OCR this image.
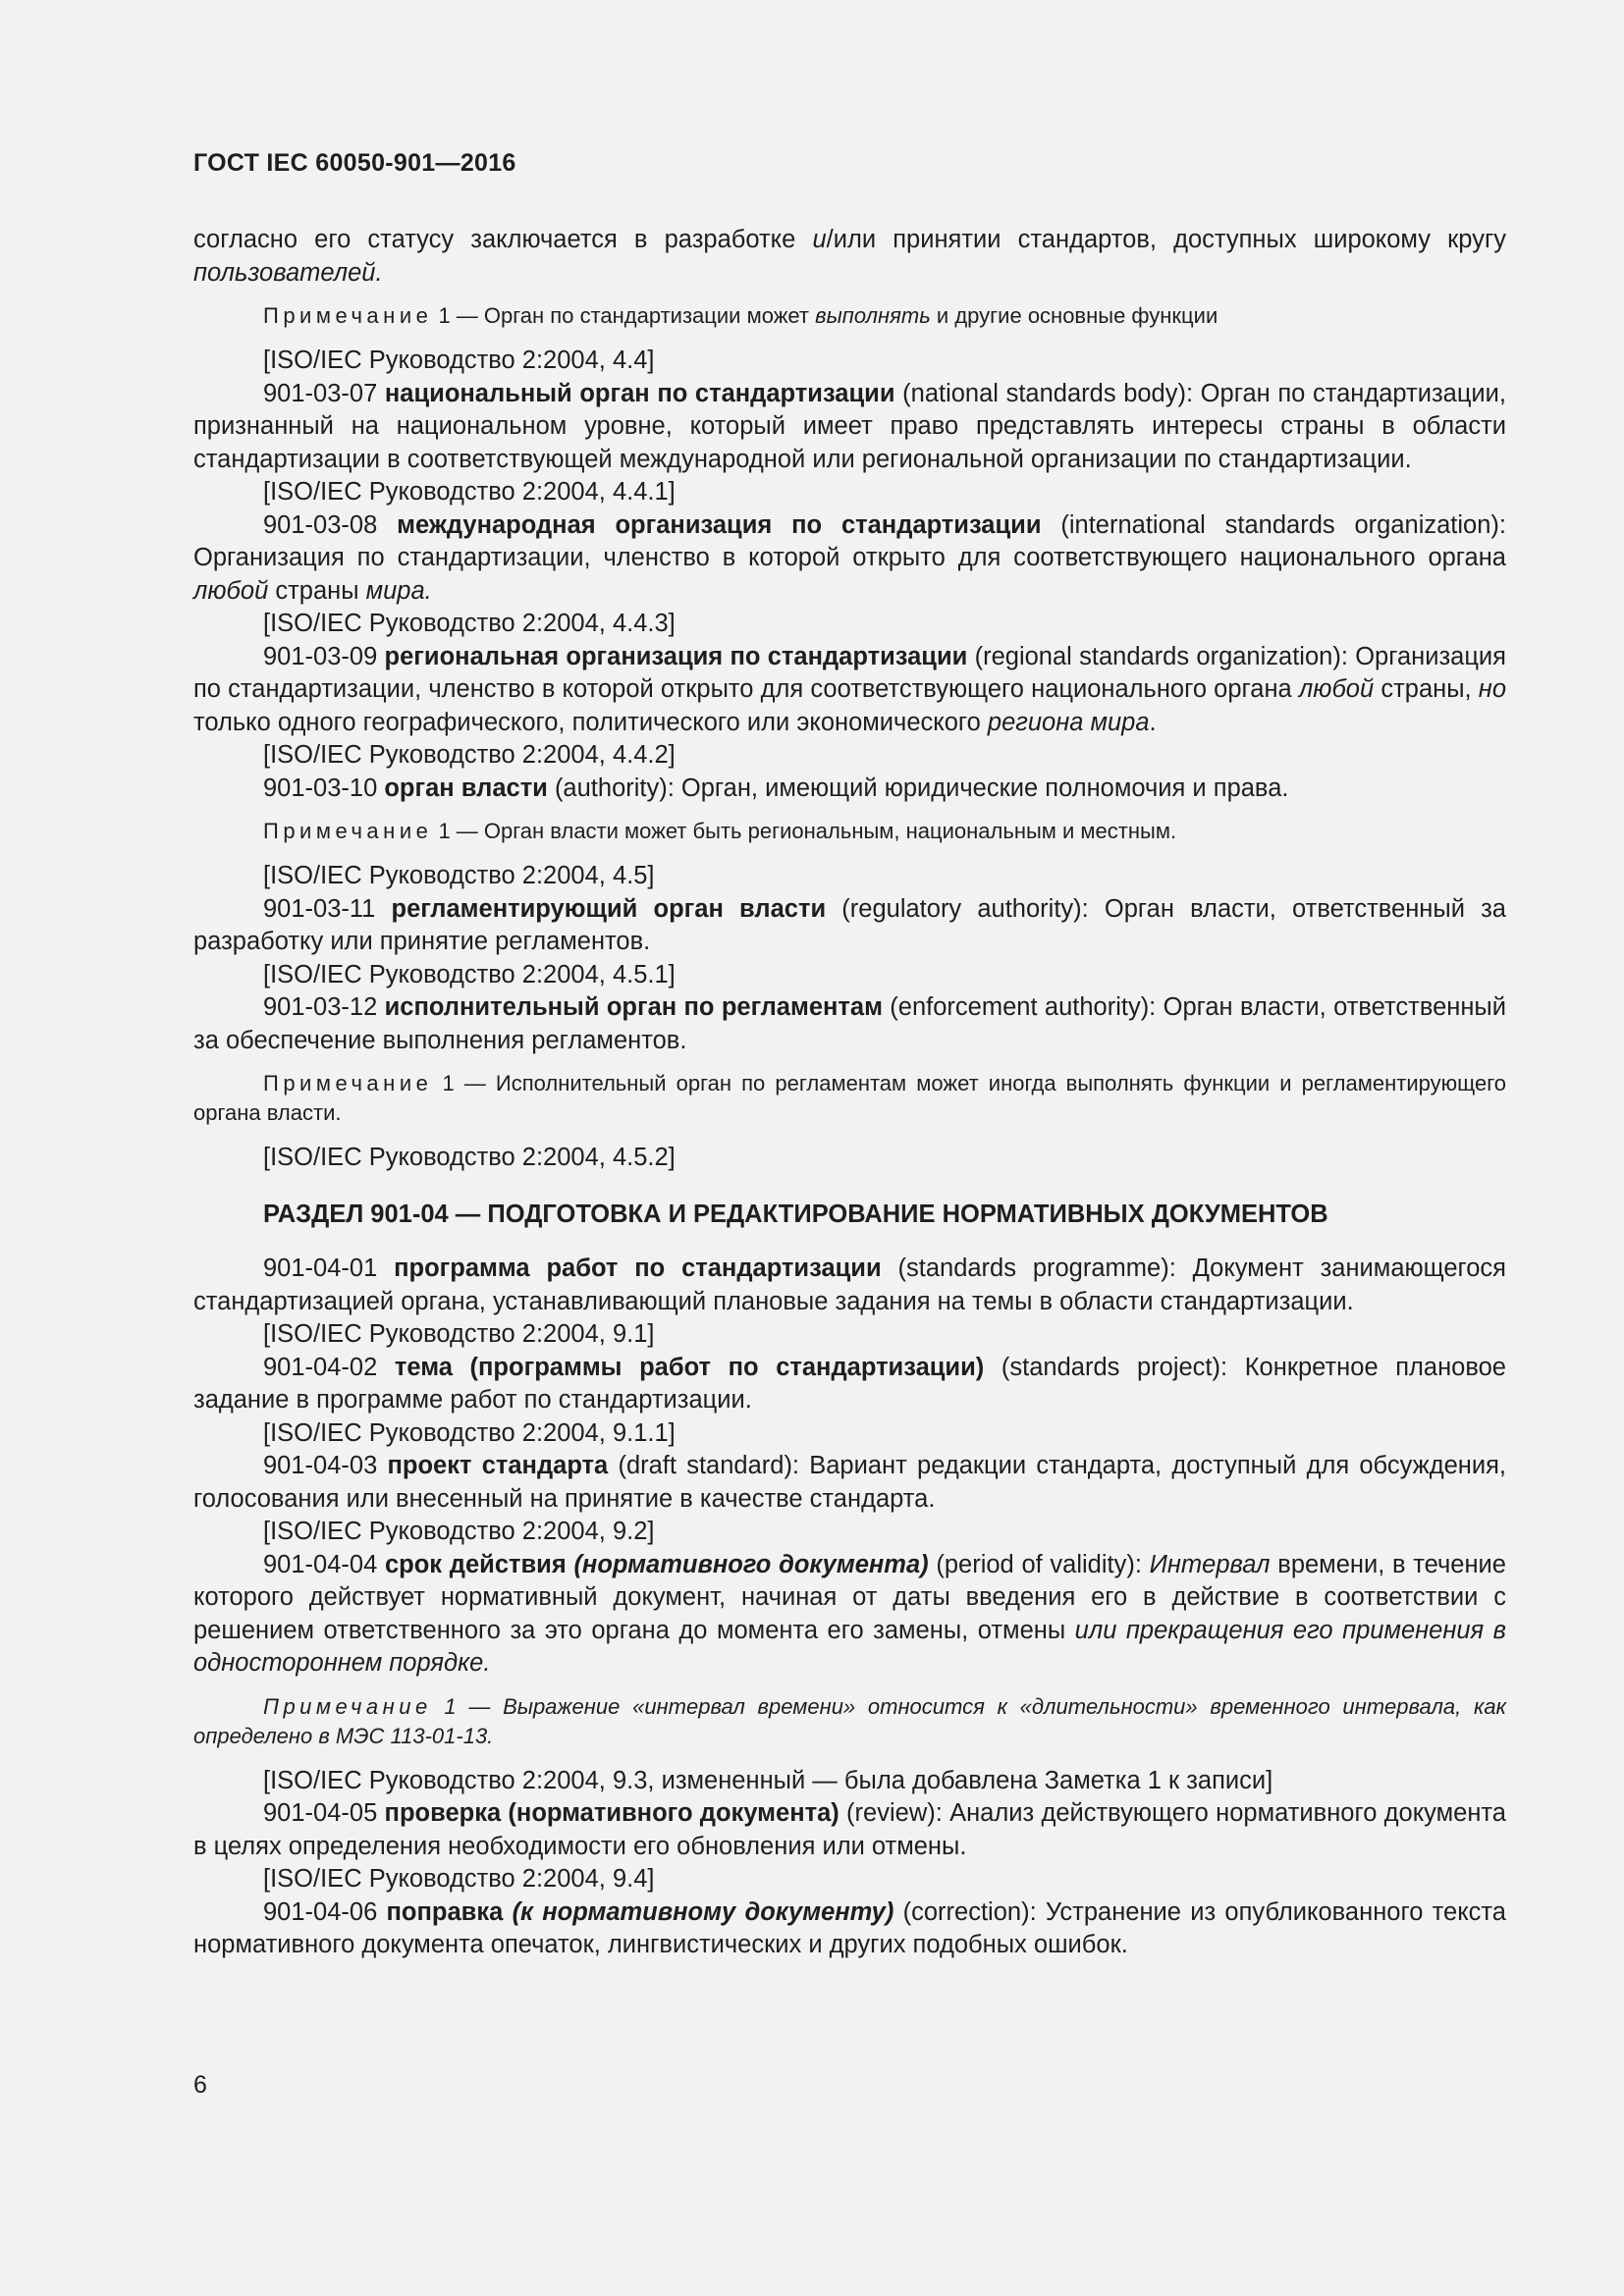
ГОСТ IEC 60050-901—2016

согласно его статусу заключается в разработке и/или принятии стандартов, доступных широкому кругу пользователей.

Примечание 1 — Орган по стандартизации может выполнять и другие основные функции

[ISO/IEC Руководство 2:2004, 4.4]

901-03-07 национальный орган по стандартизации (national standards body): Орган по стандартизации, признанный на национальном уровне, который имеет право представлять интересы страны в области стандартизации в соответствующей международной или региональной организации по стандартизации.

[ISO/IEC Руководство 2:2004, 4.4.1]

901-03-08 международная организация по стандартизации (international standards organization): Организация по стандартизации, членство в которой открыто для соответствующего национального органа любой страны мира.

[ISO/IEC Руководство 2:2004, 4.4.3]

901-03-09 региональная организация по стандартизации (regional standards organization): Организация по стандартизации, членство в которой открыто для соответствующего национального органа любой страны, но только одного географического, политического или экономического региона мира.

[ISO/IEC Руководство 2:2004, 4.4.2]

901-03-10 орган власти (authority): Орган, имеющий юридические полномочия и права.

Примечание 1 — Орган власти может быть региональным, национальным и местным.

[ISO/IEC Руководство 2:2004, 4.5]

901-03-11 регламентирующий орган власти (regulatory authority): Орган власти, ответственный за разработку или принятие регламентов.

[ISO/IEC Руководство 2:2004, 4.5.1]

901-03-12 исполнительный орган по регламентам (enforcement authority): Орган власти, ответственный за обеспечение выполнения регламентов.

Примечание 1 — Исполнительный орган по регламентам может иногда выполнять функции и регламентирующего органа власти.

[ISO/IEC Руководство 2:2004, 4.5.2]

РАЗДЕЛ 901-04 — ПОДГОТОВКА И РЕДАКТИРОВАНИЕ НОРМАТИВНЫХ ДОКУМЕНТОВ

901-04-01 программа работ по стандартизации (standards programme): Документ занимающегося стандартизацией органа, устанавливающий плановые задания на темы в области стандартизации.

[ISO/IEC Руководство 2:2004, 9.1]

901-04-02 тема (программы работ по стандартизации) (standards project): Конкретное плановое задание в программе работ по стандартизации.

[ISO/IEC Руководство 2:2004, 9.1.1]

901-04-03 проект стандарта (draft standard): Вариант редакции стандарта, доступный для обсуждения, голосования или внесенный на принятие в качестве стандарта.

[ISO/IEC Руководство 2:2004, 9.2]

901-04-04 срок действия (нормативного документа) (period of validity): Интервал времени, в течение которого действует нормативный документ, начиная от даты введения его в действие в соответствии с решением ответственного за это органа до момента его замены, отмены или прекращения его применения в одностороннем порядке.

Примечание 1 — Выражение «интервал времени» относится к «длительности» временного интервала, как определено в МЭС 113-01-13.

[ISO/IEC Руководство 2:2004, 9.3, измененный — была добавлена Заметка 1 к записи]

901-04-05 проверка (нормативного документа) (review): Анализ действующего нормативного документа в целях определения необходимости его обновления или отмены.

[ISO/IEC Руководство 2:2004, 9.4]

901-04-06 поправка (к нормативному документу) (correction): Устранение из опубликованного текста нормативного документа опечаток, лингвистических и других подобных ошибок.

6
